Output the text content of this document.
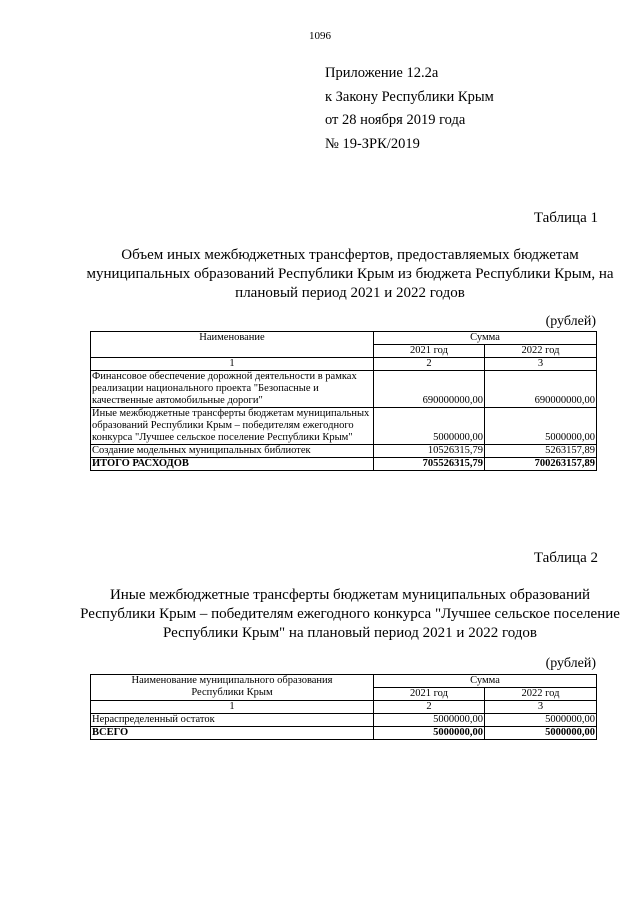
1096
Приложение 12.2а
к Закону Республики Крым
от 28 ноября 2019 года
№ 19-ЗРК/2019
Таблица 1
Объем иных межбюджетных трансфертов, предоставляемых бюджетам муниципальных образований Республики Крым из бюджета Республики Крым, на плановый период 2021 и 2022 годов
(рублей)
Наименование	Сумма	
	2021 год	2022 год
1	2	3
Финансовое обеспечение дорожной деятельности в рамках реализации национального проекта "Безопасные и качественные автомобильные дороги"	690000000,00	690000000,00
Иные межбюджетные трансферты бюджетам муниципальных образований Республики Крым – победителям ежегодного конкурса "Лучшее сельское поселение Республики Крым"	5000000,00	5000000,00
Создание модельных муниципальных библиотек	10526315,79	5263157,89
ИТОГО РАСХОДОВ	705526315,79	700263157,89
Таблица 2
Иные межбюджетные трансферты бюджетам муниципальных образований Республики Крым – победителям ежегодного конкурса "Лучшее сельское поселение Республики Крым" на плановый период 2021 и 2022 годов
(рублей)
Наименование муниципального образования Республики Крым	Сумма	
	2021 год	2022 год
1	2	3
Нераспределенный остаток	5000000,00	5000000,00
ВСЕГО	5000000,00	5000000,00
